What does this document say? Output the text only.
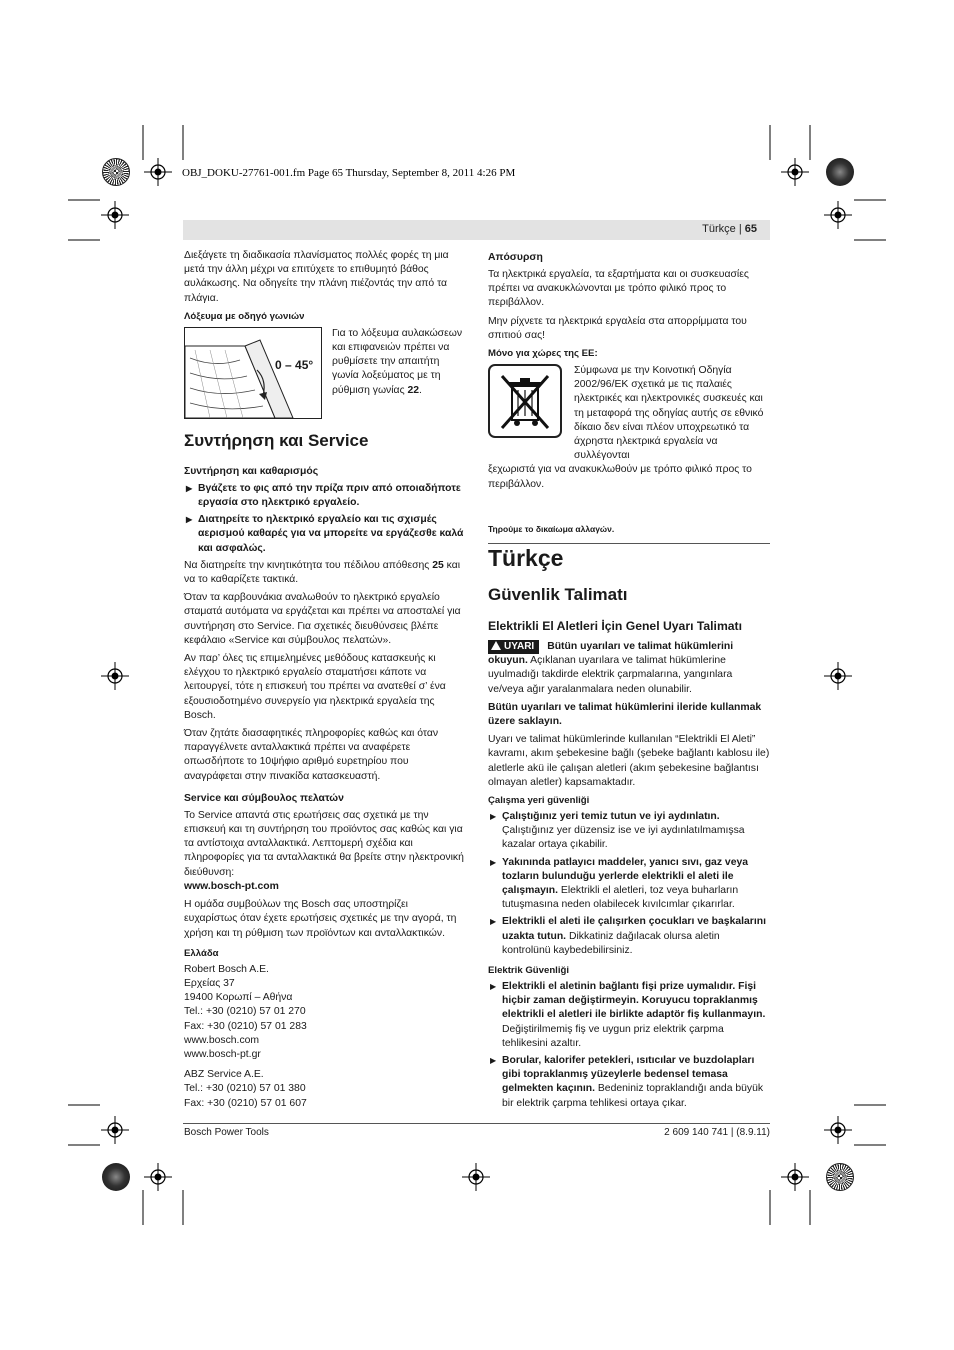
OBJ_DOKU-27761-001.fm Page 65 Thursday, September 8, 2011 4:26 PM
Türkçe | 65

Διεξάγετε τη διαδικασία πλανίσματος πολλές φορές τη μια μετά την άλλη μέχρι να επιτύχετε το επιθυμητό βάθος αυλάκωσης. Να οδηγείτε την πλάνη πιέζοντάς την από τα πλάγια.

Λόξευμα με οδηγό γωνιών
0 – 45°
Για το λόξευμα αυλακώσεων και επιφανειών πρέπει να ρυθμίσετε την απαιτήτη γωνία λοξεύματος με τη ρύθμιση γωνίας 22.
Συντήρηση και Service
Συντήρηση και καθαρισμός
▶ Βγάζετε το φις από την πρίζα πριν από οποιαδήποτε εργασία στο ηλεκτρικό εργαλείο.
▶ Διατηρείτε το ηλεκτρικό εργαλείο και τις σχισμές αερισμού καθαρές για να μπορείτε να εργάζεσθε καλά και ασφαλώς.

Να διατηρείτε την κινητικότητα του πέδιλου απόθεσης 25 και να το καθαρίζετε τακτικά.

Όταν τα καρβουνάκια αναλωθούν το ηλεκτρικό εργαλείο σταματά αυτόματα να εργάζεται και πρέπει να αποσταλεί για συντήρηση στο Service. Για σχετικές διευθύνσεις βλέπε κεφάλαιο «Service και σύμβουλος πελατών».

Αν παρ’ όλες τις επιμελημένες μεθόδους κατασκευής κι ελέγχου το ηλεκτρικό εργαλείο σταματήσει κάποτε να λειτουργεί, τότε η επισκευή του πρέπει να ανατεθεί σ’ ένα εξουσιοδοτημένο συνεργείο για ηλεκτρικά εργαλεία της Bosch.

Όταν ζητάτε διασαφητικές πληροφορίες καθώς και όταν παραγγέλνετε ανταλλακτικά πρέπει να αναφέρετε οπωσδήποτε το 10ψήφιο αριθμό ευρετηρίου που αναγράφεται στην πινακίδα κατασκευαστή.

Service και σύμβουλος πελατών

Το Service απαντά στις ερωτήσεις σας σχετικά με την επισκευή και τη συντήρηση του προϊόντος σας καθώς και για τα αντίστοιχα ανταλλακτικά. Λεπτομερή σχέδια και πληροφορίες για τα ανταλλακτικά θα βρείτε στην ηλεκτρονική διεύθυνση:

www.bosch-pt.com

Η ομάδα συμβούλων της Bosch σας υποστηρίζει ευχαρίστως όταν έχετε ερωτήσεις σχετικές με την αγορά, τη χρήση και τη ρύθμιση των προϊόντων και ανταλλακτικών.

Ελλάδα

Robert Bosch A.E.

Ερχείας 37

19400 Κορωπί – Αθήνα

Tel.: +30 (0210) 57 01 270

Fax: +30 (0210) 57 01 283

www.bosch.com

www.bosch-pt.gr

ABZ Service A.E.

Tel.: +30 (0210) 57 01 380

Fax: +30 (0210) 57 01 607

Απόσυρση

Τα ηλεκτρικά εργαλεία, τα εξαρτήματα και οι συσκευασίες πρέπει να ανακυκλώνονται με τρόπο φιλικό προς το περιβάλλον.

Μην ρίχνετε τα ηλεκτρικά εργαλεία στα απορρίμματα του σπιτιού σας!

Μόνο για χώρες της ΕΕ:
Σύμφωνα με την Κοινοτική Οδηγία 2002/96/ΕΚ σχετικά με τις παλαιές ηλεκτρικές και ηλεκτρονικές συσκευές και τη μεταφορά της οδηγίας αυτής σε εθνικό δίκαιο δεν είναι πλέον υποχρεωτικό τα άχρηστα ηλεκτρικά εργαλεία να συλλέγονται

ξεχωριστά για να ανακυκλωθούν με τρόπο φιλικό προς το περιβάλλον.

Τηρούμε το δικαίωμα αλλαγών.

Türkçe
Güvenlik Talimatı
Elektrikli El Aletleri İçin Genel Uyarı Talimatı

UYARI Bütün uyarıları ve talimat hükümlerini okuyun. Açıklanan uyarılara ve talimat hükümlerine uyulmadığı takdirde elektrik çarpmalarına, yangınlara ve/veya ağır yaralanmalara neden olunabilir.

Bütün uyarıları ve talimat hükümlerini ileride kullanmak üzere saklayın.

Uyarı ve talimat hükümlerinde kullanılan “Elektrikli El Aleti” kavramı, akım şebekesine bağlı (şebeke bağlantı kablosu ile) aletlerle akü ile çalışan aletleri (akım şebekesine bağlantısı olmayan aletler) kapsamaktadır.

Çalışma yeri güvenliği
▶ Çalıştığınız yeri temiz tutun ve iyi aydınlatın. Çalıştığınız yer düzensiz ise ve iyi aydınlatılmamışsa kazalar ortaya çıkabilir.
▶ Yakınında patlayıcı maddeler, yanıcı sıvı, gaz veya tozların bulunduğu yerlerde elektrikli el aleti ile çalışmayın. Elektrikli el aletleri, toz veya buharların tutuşmasına neden olabilecek kıvılcımlar çıkarırlar.
▶ Elektrikli el aleti ile çalışırken çocukları ve başkalarını uzakta tutun. Dikkatiniz dağılacak olursa aletin kontrolünü kaybedebilirsiniz.
Elektrik Güvenliği
▶ Elektrikli el aletinin bağlantı fişi prize uymalıdır. Fişi hiçbir zaman değiştirmeyin. Koruyucu topraklanmış elektrikli el aletleri ile birlikte adaptör fiş kullanmayın. Değiştirilmemiş fiş ve uygun priz elektrik çarpma tehlikesini azaltır.
▶ Borular, kalorifer petekleri, ısıtıcılar ve buzdolapları gibi topraklanmış yüzeylerle bedensel temasa gelmekten kaçının. Bedeniniz topraklandığı anda büyük bir elektrik çarpma tehlikesi ortaya çıkar.
Bosch Power Tools	2 609 140 741 | (8.9.11)
